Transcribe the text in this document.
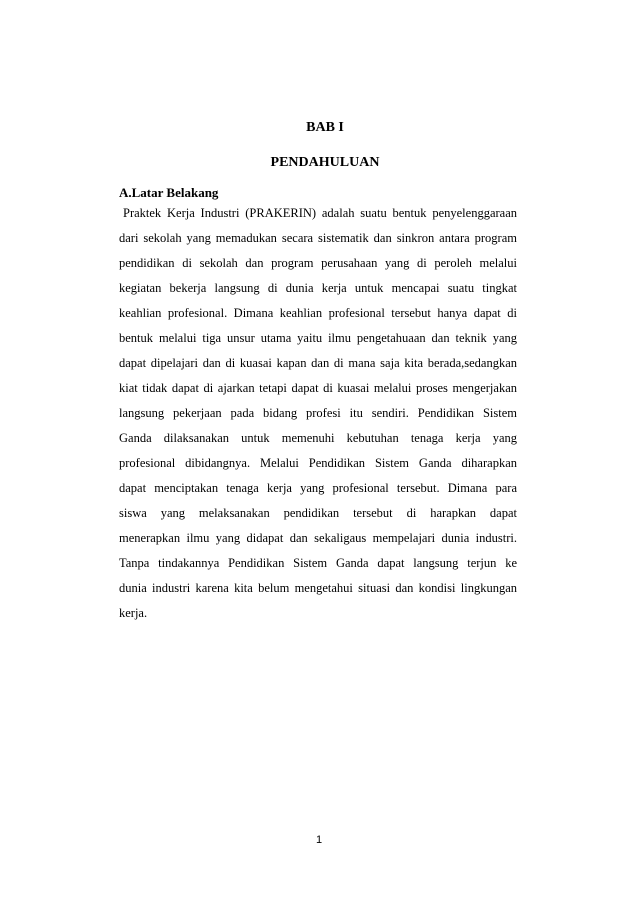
BAB I
PENDAHULUAN
A.Latar Belakang
Praktek Kerja Industri (PRAKERIN) adalah suatu bentuk penyelenggaraan
dari sekolah yang memadukan secara sistematik dan sinkron antara program
pendidikan di sekolah dan program perusahaan yang di peroleh melalui
kegiatan bekerja langsung di dunia kerja untuk mencapai suatu tingkat
keahlian profesional. Dimana keahlian profesional tersebut hanya dapat di
bentuk melalui tiga unsur utama yaitu ilmu pengetahuaan dan teknik yang
dapat dipelajari dan di kuasai kapan dan di mana saja kita berada,sedangkan
kiat tidak dapat di ajarkan tetapi dapat di kuasai melalui proses mengerjakan
langsung pekerjaan pada bidang profesi itu sendiri. Pendidikan Sistem
Ganda dilaksanakan untuk memenuhi kebutuhan tenaga kerja yang
profesional dibidangnya. Melalui Pendidikan Sistem Ganda diharapkan
dapat menciptakan tenaga kerja yang profesional tersebut. Dimana para
siswa yang melaksanakan pendidikan tersebut di harapkan dapat
menerapkan ilmu yang didapat dan sekaligaus mempelajari dunia industri.
Tanpa tindakannya Pendidikan Sistem Ganda dapat langsung terjun ke
dunia industri karena kita belum mengetahui situasi dan kondisi lingkungan
kerja.

1
